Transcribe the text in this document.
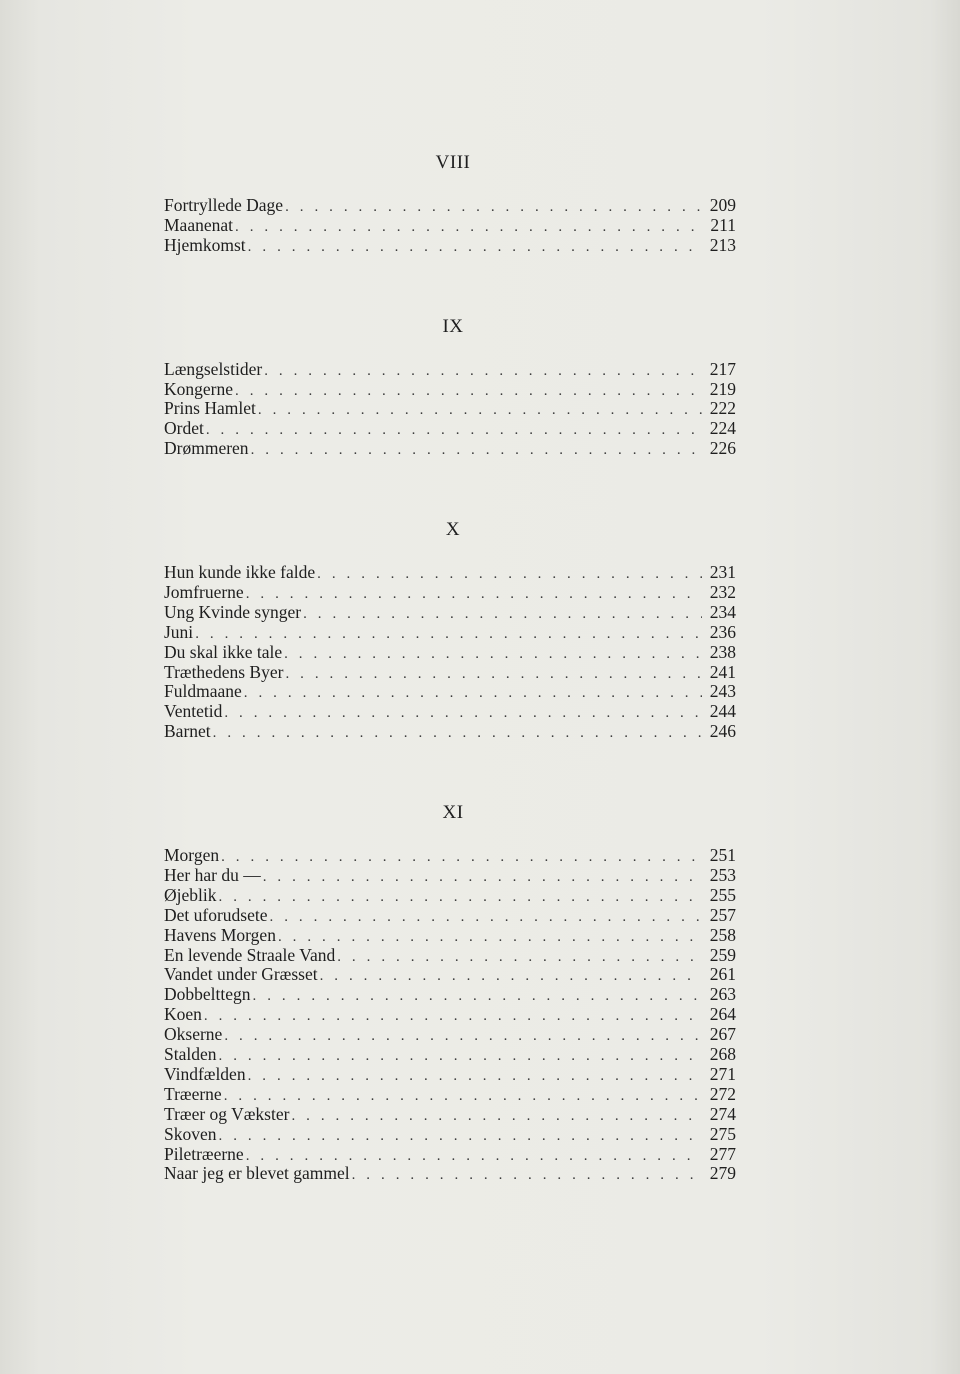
VIII
Fortryllede Dage . . .	209
Maanenat . . .	211
Hjemkomst . . .	213
IX
Længselstider . . .	217
Kongerne . . .	219
Prins Hamlet . . .	222
Ordet . . .	224
Drømmeren . . .	226
X
Hun kunde ikke falde . . .	231
Jomfruerne . . .	232
Ung Kvinde synger . . .	234
Juni . . .	236
Du skal ikke tale . . .	238
Træthedens Byer . . .	241
Fuldmaane . . .	243
Ventetid . . .	244
Barnet . . .	246
XI
Morgen . . .	251
Her har du — . . .	253
Øjeblik . . .	255
Det uforudsete . . .	257
Havens Morgen . . .	258
En levende Straale Vand . . .	259
Vandet under Græsset . . .	261
Dobbelttegn . . .	263
Koen . . .	264
Okserne . . .	267
Stalden . . .	268
Vindfælden . . .	271
Træerne . . .	272
Træer og Vækster . . .	274
Skoven . . .	275
Piletræerne . . .	277
Naar jeg er blevet gammel . . .	279
